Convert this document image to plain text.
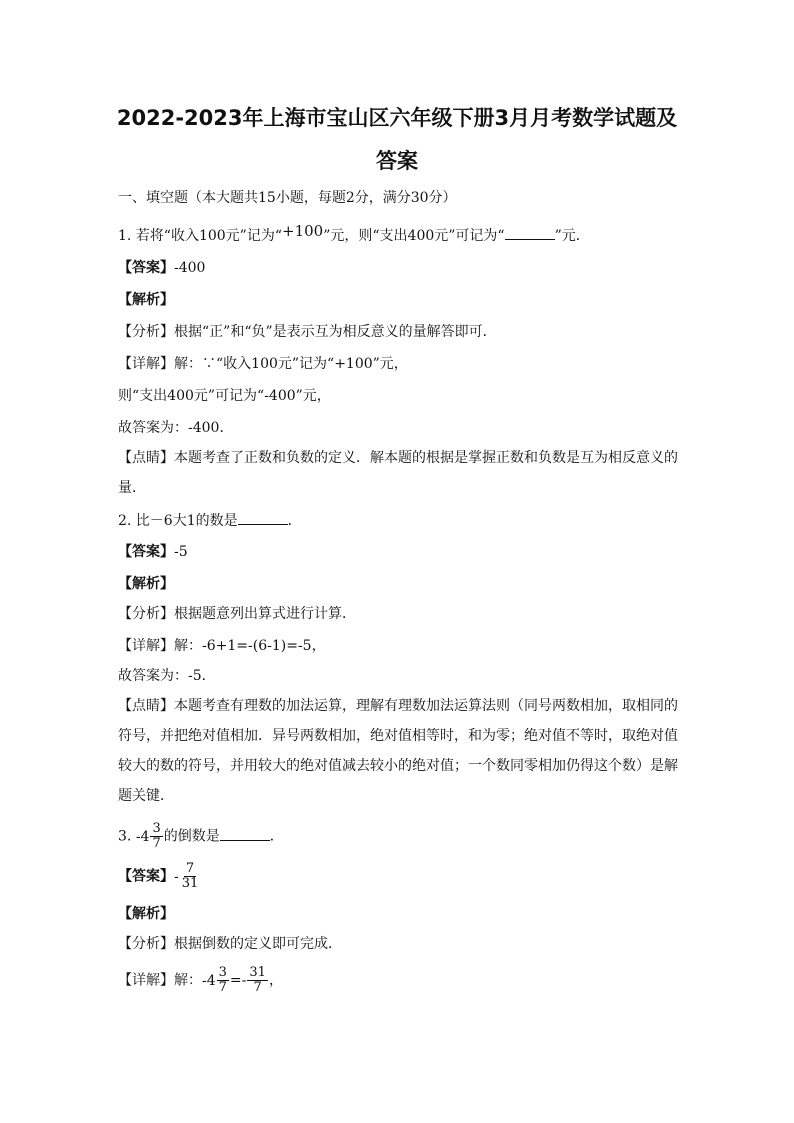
2022-2023年上海市宝山区六年级下册3月月考数学试题及
答案
一、填空题（本大题共15小题，每题2分，满分30分）
1. 若将“收入100元”记为“+100”元，则“支出400元”可记为“	”元．
【答案】-400
【解析】
【分析】根据“正”和“负”是表示互为相反意义的量解答即可．
【详解】解：∵“收入100元”记为“+100”元，
则“支出400元”可记为“-400”元，
故答案为：-400．
【点睛】本题考查了正数和负数的定义．解本题的根据是掌握正数和负数是互为相反意义的
量．
2. 比－6大1的数是	．
【答案】-5
【解析】
【分析】根据题意列出算式进行计算．
【详解】解：-6+1=-(6-1)=-5，
故答案为：-5．
【点睛】本题考查有理数的加法运算，理解有理数加法运算法则（同号两数相加，取相同的
符号，并把绝对值相加．异号两数相加，绝对值相等时，和为零；绝对值不等时，取绝对值
较大的数的符号，并用较大的绝对值减去较小的绝对值；一个数同零相加仍得这个数）是解
题关键．
3. $-4 \frac{3}{7}$ 的倒数是	．
【答案】 - $\frac{7}{31}$
【解析】
【分析】根据倒数的定义即可完成．
【详解】解： $-4 \frac{3}{7} =- \frac{31}{7}$ ，
